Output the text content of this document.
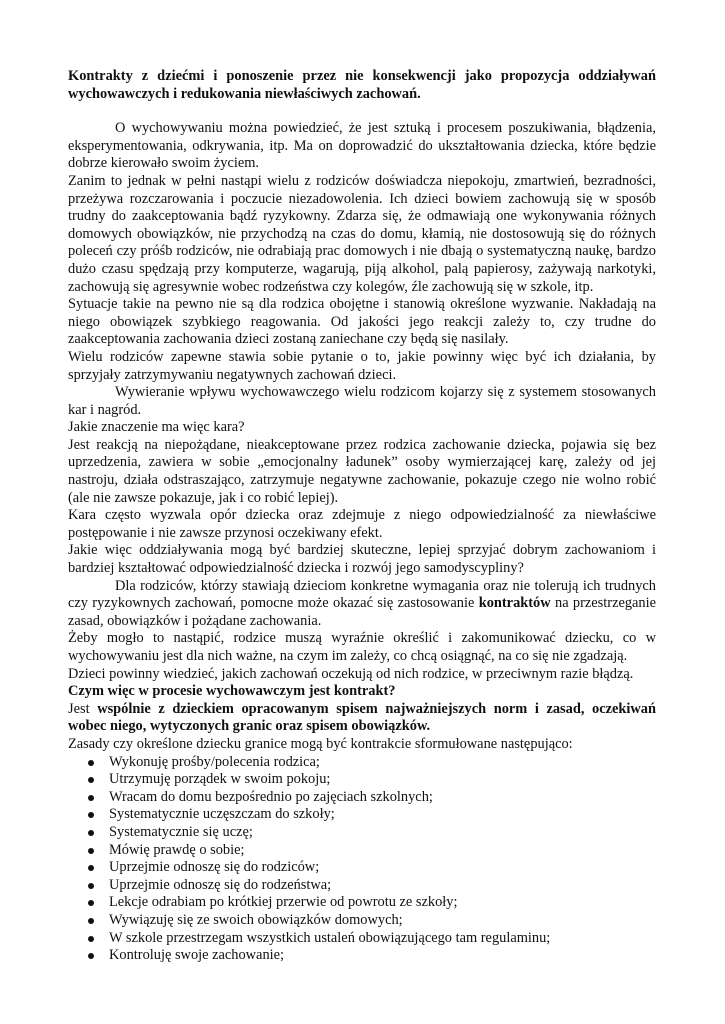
Kontrakty z dziećmi i ponoszenie przez nie konsekwencji jako propozycja oddziaływań wychowawczych i redukowania niewłaściwych zachowań.

O wychowywaniu można powiedzieć, że jest sztuką i procesem poszukiwania, błądzenia, eksperymentowania, odkrywania, itp. Ma on doprowadzić do ukształtowania dziecka, które będzie dobrze kierowało swoim życiem.

Zanim to jednak w pełni nastąpi wielu z rodziców doświadcza niepokoju, zmartwień, bezradności, przeżywa rozczarowania i poczucie niezadowolenia. Ich dzieci bowiem zachowują się w sposób trudny do zaakceptowania bądź ryzykowny. Zdarza się, że odmawiają one wykonywania różnych domowych obowiązków, nie przychodzą na czas do domu, kłamią, nie dostosowują się do różnych poleceń czy próśb rodziców, nie odrabiają prac domowych i nie dbają o systematyczną naukę, bardzo dużo czasu spędzają przy komputerze, wagarują, piją alkohol, palą papierosy, zażywają narkotyki, zachowują się agresywnie wobec rodzeństwa czy kolegów, źle zachowują się w szkole, itp.

Sytuacje takie na pewno nie są dla rodzica obojętne i stanowią określone wyzwanie. Nakładają na niego obowiązek szybkiego reagowania. Od jakości jego reakcji zależy to, czy trudne do zaakceptowania zachowania dzieci zostaną zaniechane czy będą się nasilały.

Wielu rodziców zapewne stawia sobie pytanie o to, jakie powinny więc być ich działania, by sprzyjały zatrzymywaniu negatywnych zachowań dzieci.

Wywieranie wpływu wychowawczego wielu rodzicom kojarzy się z systemem stosowanych kar i nagród.

Jakie znaczenie ma więc kara?

Jest reakcją na niepożądane, nieakceptowane przez rodzica zachowanie dziecka, pojawia się bez uprzedzenia, zawiera w sobie „emocjonalny ładunek” osoby wymierzającej karę, zależy od jej nastroju, działa odstraszająco, zatrzymuje negatywne zachowanie, pokazuje czego nie wolno robić (ale nie zawsze pokazuje, jak i co robić lepiej).

Kara często wyzwala opór dziecka oraz zdejmuje z niego odpowiedzialność za niewłaściwe postępowanie i nie zawsze przynosi oczekiwany efekt.

Jakie więc oddziaływania mogą być bardziej skuteczne, lepiej sprzyjać dobrym zachowaniom i bardziej kształtować odpowiedzialność dziecka i rozwój jego samodyscypliny?

Dla rodziców, którzy stawiają dzieciom konkretne wymagania oraz nie tolerują ich trudnych czy ryzykownych zachowań, pomocne może okazać się zastosowanie kontraktów na przestrzeganie zasad, obowiązków i pożądane zachowania.

Żeby mogło to nastąpić, rodzice muszą wyraźnie określić i zakomunikować dziecku, co w wychowywaniu jest dla nich ważne, na czym im zależy, co chcą osiągnąć, na co się nie zgadzają.

Dzieci powinny wiedzieć, jakich zachowań oczekują od nich rodzice, w przeciwnym razie błądzą.

Czym więc w procesie wychowawczym jest kontrakt?

Jest wspólnie z dzieckiem opracowanym spisem najważniejszych norm i zasad, oczekiwań wobec niego, wytyczonych granic oraz spisem obowiązków.

Zasady czy określone dziecku granice mogą być kontrakcie sformułowane następująco:

Wykonuję prośby/polecenia rodzica;
Utrzymuję porządek w swoim pokoju;
Wracam do domu bezpośrednio po zajęciach szkolnych;
Systematycznie uczęszczam do szkoły;
Systematycznie się uczę;
Mówię prawdę o sobie;
Uprzejmie odnoszę się do rodziców;
Uprzejmie odnoszę się do rodzeństwa;
Lekcje odrabiam po krótkiej przerwie od powrotu ze szkoły;
Wywiązuję się ze swoich obowiązków domowych;
W szkole przestrzegam wszystkich ustaleń obowiązującego tam regulaminu;
Kontroluję swoje zachowanie;
